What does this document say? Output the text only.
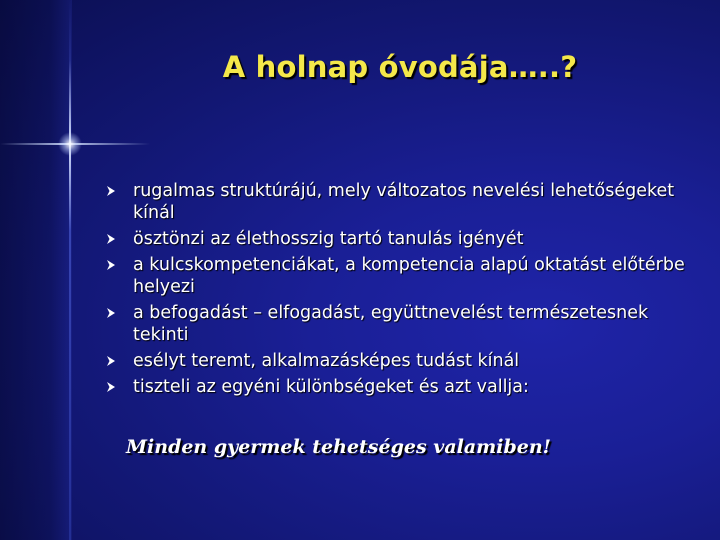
A holnap óvodája…..?
rugalmas struktúrájú, mely változatos nevelési lehetőségeket kínál
ösztönzi az élethosszig tartó tanulás igényét
a kulcskompetenciákat, a kompetencia alapú oktatást előtérbe helyezi
a befogadást – elfogadást, együttnevelést természetesnek tekinti
esélyt teremt, alkalmazásképes tudást kínál
tiszteli az egyéni különbségeket és azt vallja:

Minden gyermek tehetséges valamiben!
